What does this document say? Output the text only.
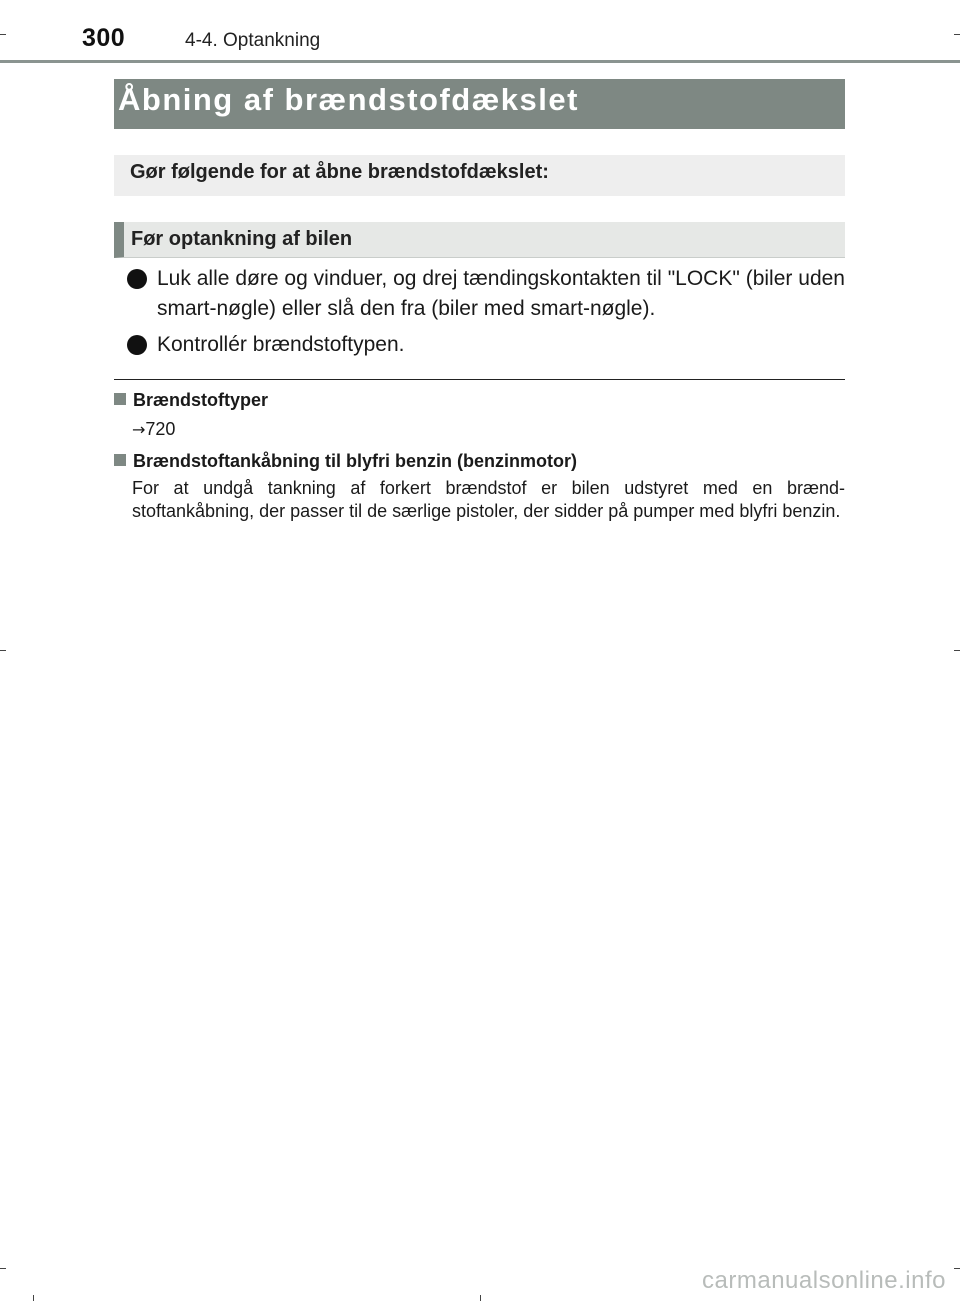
300	4-4. Optankning
Åbning af brændstofdækslet
Gør følgende for at åbne brændstofdækslet:
Før optankning af bilen
Luk alle døre og vinduer, og drej tændingskontakten til "LOCK" (biler uden smart-nøgle) eller slå den fra (biler med smart-nøgle).
Kontrollér brændstoftypen.
Brændstoftyper
→720
Brændstoftankåbning til blyfri benzin (benzinmotor)
For at undgå tankning af forkert brændstof er bilen udstyret med en brænd-stoftankåbning, der passer til de særlige pistoler, der sidder på pumper med blyfri benzin.
carmanualsonline.info
